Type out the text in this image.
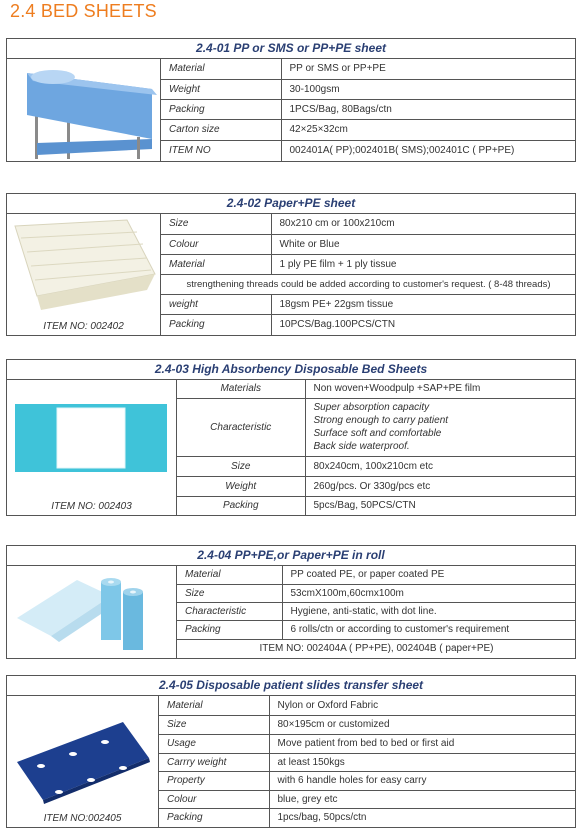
2.4 BED SHEETS
2.4-01 PP or SMS or PP+PE sheet
Material	PP or SMS or PP+PE
Weight	30-100gsm
Packing	1PCS/Bag, 80Bags/ctn
Carton size	42×25×32cm
ITEM NO	002401A( PP);002401B( SMS);002401C ( PP+PE)
2.4-02 Paper+PE sheet
ITEM NO: 002402
Size	80x210 cm or 100x210cm
Colour	White or Blue
Material	1 ply PE film + 1 ply tissue
strengthening threads could be added according to customer's request. ( 8-48 threads)	
weight	18gsm PE+ 22gsm tissue
Packing	10PCS/Bag.100PCS/CTN
2.4-03 High Absorbency Disposable Bed Sheets
ITEM NO: 002403
Materials	Non woven+Woodpulp +SAP+PE film
Characteristic	Super absorption capacity
Strong enough to carry patient
Surface soft and comfortable
Back side waterproof.

Size	80x240cm, 100x210cm etc
Weight	260g/pcs. Or 330g/pcs etc
Packing	5pcs/Bag, 50PCS/CTN
2.4-04 PP+PE,or Paper+PE in roll
Material	PP coated PE, or paper coated PE
Size	53cmX100m,60cmx100m
Characteristic	Hygiene, anti-static, with dot line.
Packing	6 rolls/ctn or according to customer's requirement
ITEM NO: 002404A ( PP+PE), 002404B ( paper+PE)	
2.4-05 Disposable patient slides transfer sheet
ITEM NO:002405
Material	Nylon or Oxford Fabric
Size	80×195cm or customized
Usage	Move patient from bed to bed or first aid
Carrry weight	at least 150kgs
Property	with 6 handle holes for easy carry
Colour	blue, grey etc
Packing	1pcs/bag, 50pcs/ctn
